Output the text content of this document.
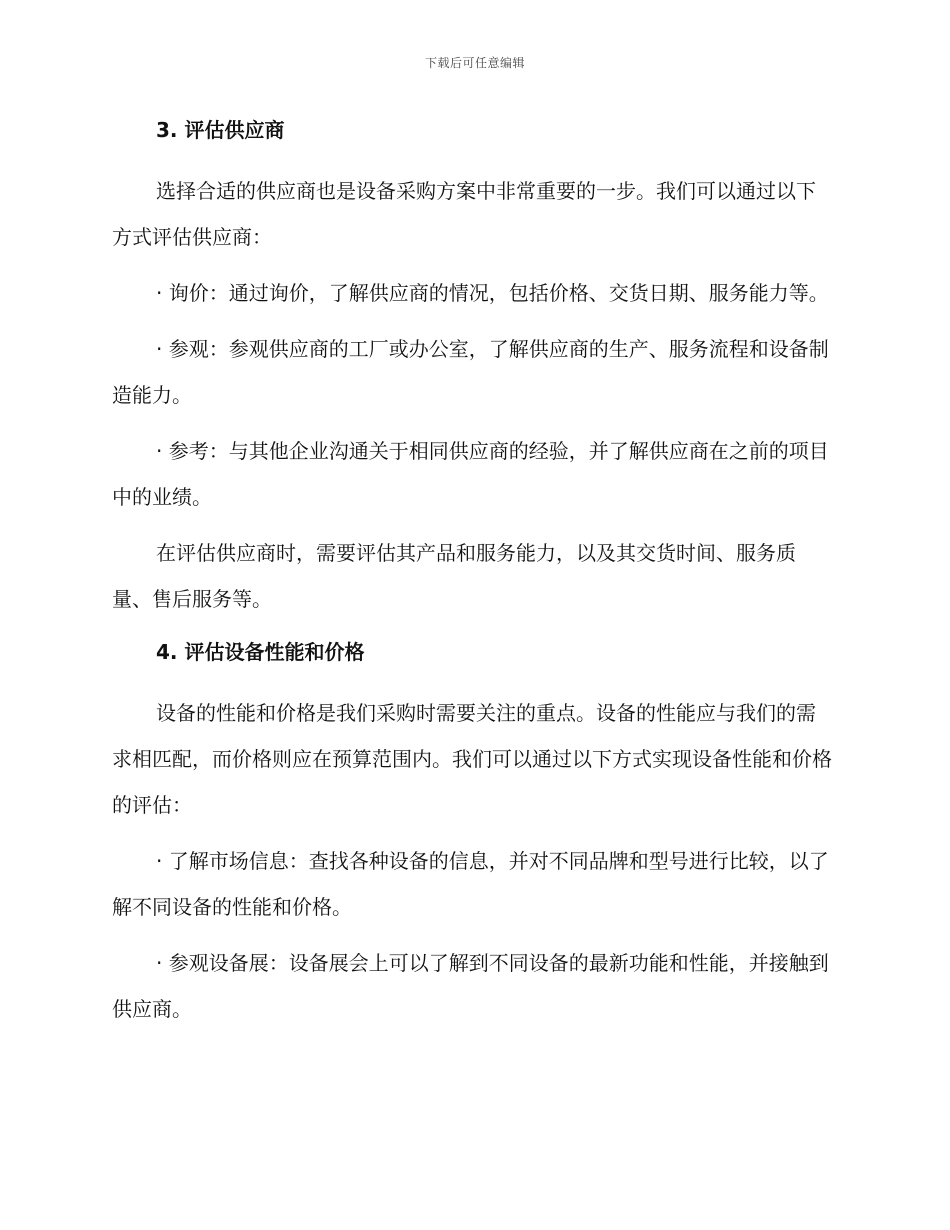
下载后可任意编辑
3. 评估供应商

选择合适的供应商也是设备采购方案中非常重要的一步。我们可以通过以下方式评估供应商：

· 询价：通过询价，了解供应商的情况，包括价格、交货日期、服务能力等。

· 参观：参观供应商的工厂或办公室，了解供应商的生产、服务流程和设备制造能力。

· 参考：与其他企业沟通关于相同供应商的经验，并了解供应商在之前的项目中的业绩。

在评估供应商时，需要评估其产品和服务能力，以及其交货时间、服务质量、售后服务等。

4. 评估设备性能和价格

设备的性能和价格是我们采购时需要关注的重点。设备的性能应与我们的需求相匹配，而价格则应在预算范围内。我们可以通过以下方式实现设备性能和价格的评估：

· 了解市场信息：查找各种设备的信息，并对不同品牌和型号进行比较，以了解不同设备的性能和价格。

· 参观设备展：设备展会上可以了解到不同设备的最新功能和性能，并接触到供应商。
